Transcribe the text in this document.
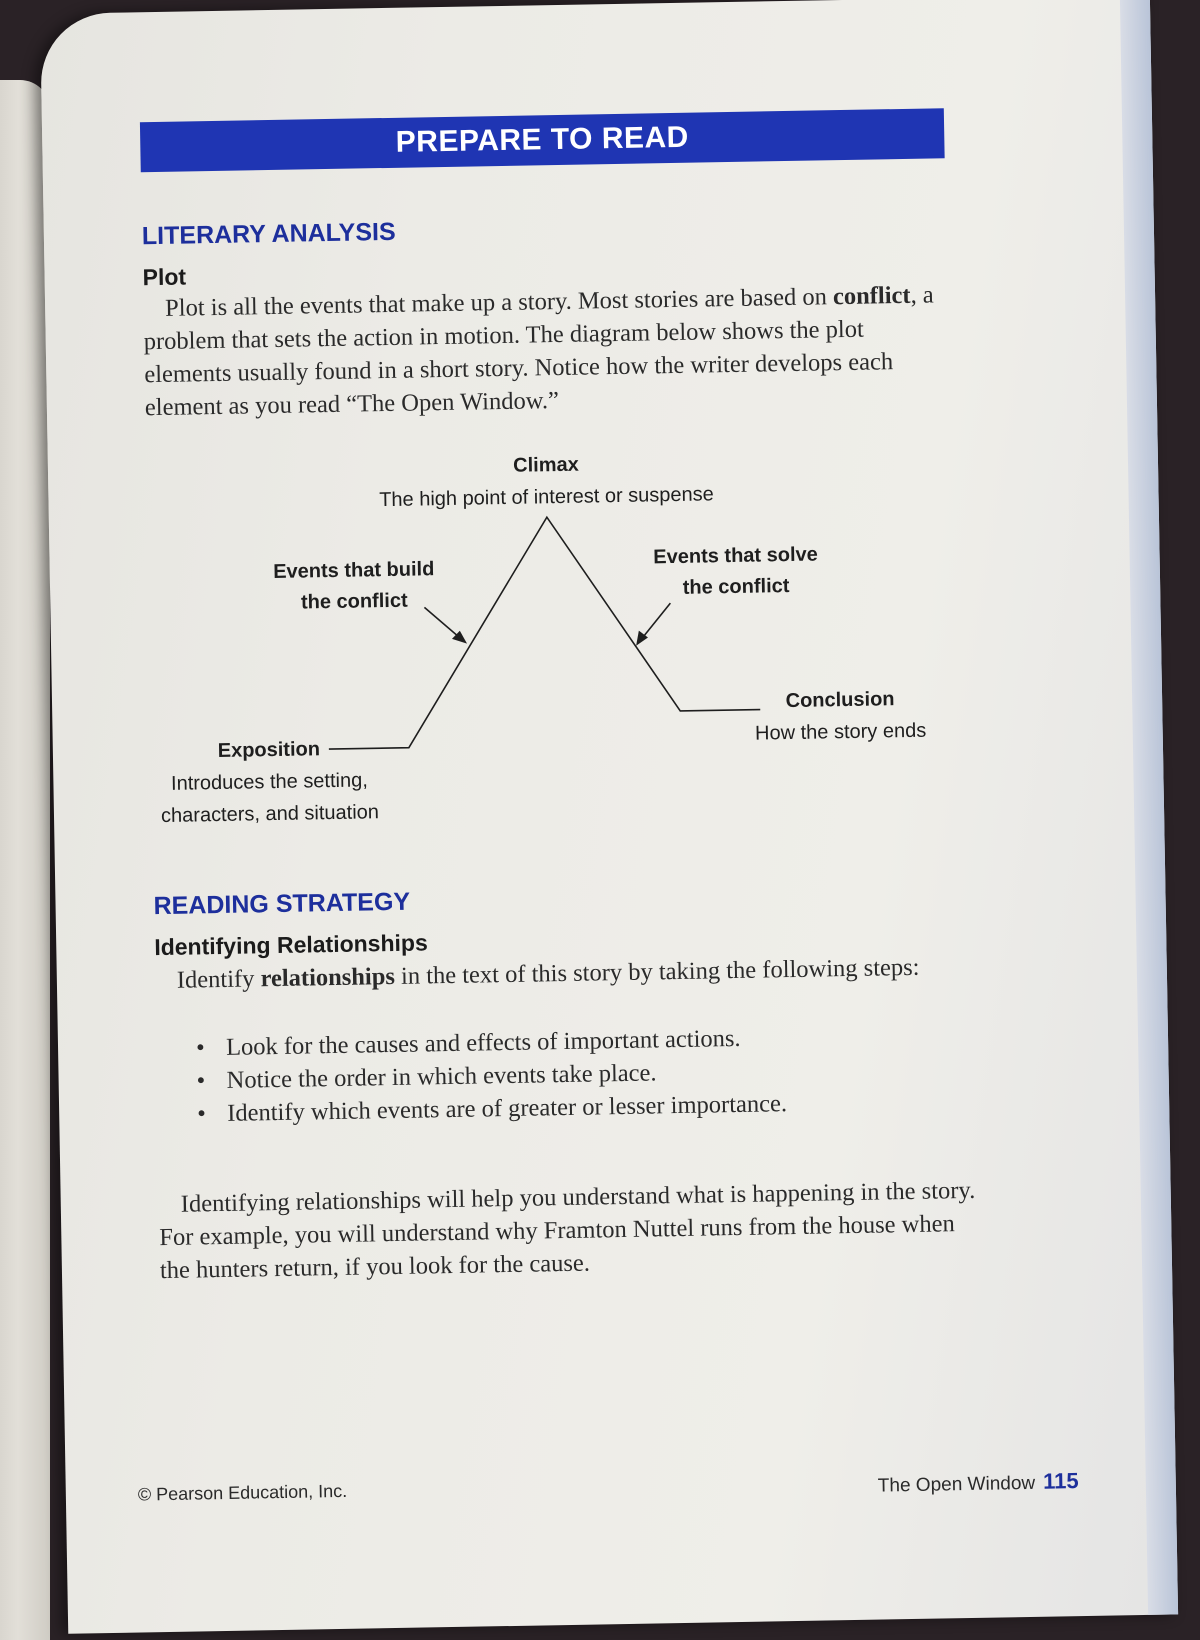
PREPARE TO READ
LITERARY ANALYSIS
Plot

Plot is all the events that make up a story. Most stories are based on conflict, a problem that sets the action in motion. The diagram below shows the plot elements usually found in a short story. Notice how the writer develops each element as you read “The Open Window.”

Climax
The high point of interest or suspense
Events that build
the conflict
Events that solve
the conflict
Conclusion
How the story ends
Exposition
Introduces the setting,
characters, and situation
READING STRATEGY
Identifying Relationships

Identify relationships in the text of this story by taking the following steps:

• Look for the causes and effects of important actions.
• Notice the order in which events take place.
• Identify which events are of greater or lesser importance.

Identifying relationships will help you understand what is happening in the story. For example, you will understand why Framton Nuttel runs from the house when the hunters return, if you look for the cause.

© Pearson Education, Inc.	The Open Window 115
